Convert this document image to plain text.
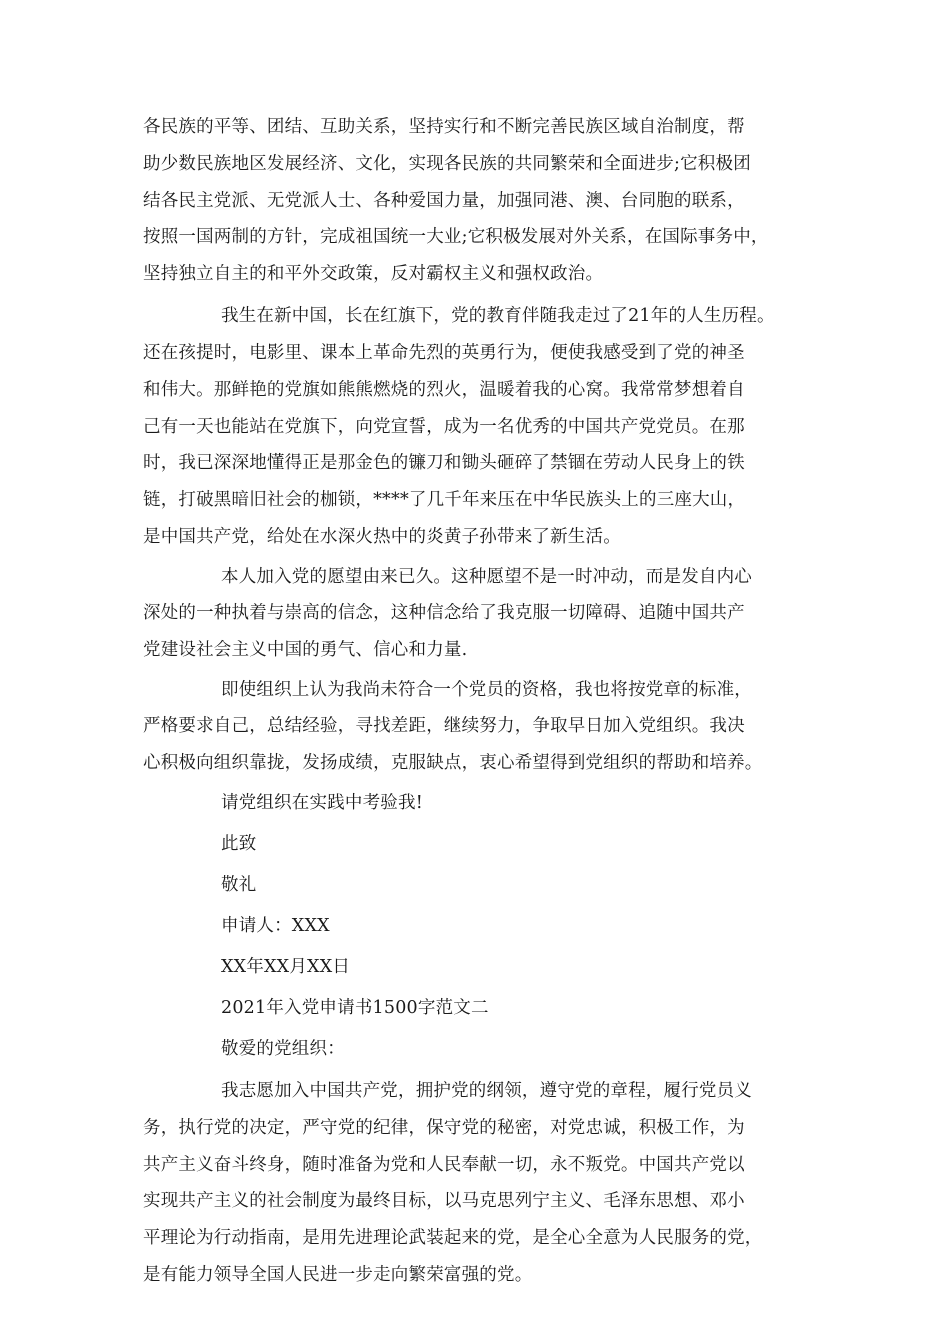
各民族的平等、团结、互助关系，坚持实行和不断完善民族区域自治制度，帮
助少数民族地区发展经济、文化，实现各民族的共同繁荣和全面进步;它积极团
结各民主党派、无党派人士、各种爱国力量，加强同港、澳、台同胞的联系，
按照一国两制的方针，完成祖国统一大业;它积极发展对外关系，在国际事务中，
坚持独立自主的和平外交政策，反对霸权主义和强权政治。
我生在新中国，长在红旗下，党的教育伴随我走过了21年的人生历程。
还在孩提时，电影里、课本上革命先烈的英勇行为，便使我感受到了党的神圣
和伟大。那鲜艳的党旗如熊熊燃烧的烈火，温暖着我的心窝。我常常梦想着自
己有一天也能站在党旗下，向党宣誓，成为一名优秀的中国共产党党员。在那
时，我已深深地懂得正是那金色的镰刀和锄头砸碎了禁锢在劳动人民身上的铁
链，打破黑暗旧社会的枷锁，****了几千年来压在中华民族头上的三座大山，
是中国共产党，给处在水深火热中的炎黄子孙带来了新生活。
本人加入党的愿望由来已久。这种愿望不是一时冲动，而是发自内心
深处的一种执着与崇高的信念，这种信念给了我克服一切障碍、追随中国共产
党建设社会主义中国的勇气、信心和力量.
即使组织上认为我尚未符合一个党员的资格，我也将按党章的标准，
严格要求自己，总结经验，寻找差距，继续努力，争取早日加入党组织。我决
心积极向组织靠拢，发扬成绩，克服缺点，衷心希望得到党组织的帮助和培养。
请党组织在实践中考验我!
此致
敬礼
申请人：XXX
XX年XX月XX日
2021年入党申请书1500字范文二
敬爱的党组织：
我志愿加入中国共产党，拥护党的纲领，遵守党的章程，履行党员义
务，执行党的决定，严守党的纪律，保守党的秘密，对党忠诚，积极工作，为
共产主义奋斗终身，随时准备为党和人民奉献一切，永不叛党。中国共产党以
实现共产主义的社会制度为最终目标，以马克思列宁主义、毛泽东思想、邓小
平理论为行动指南，是用先进理论武装起来的党，是全心全意为人民服务的党，
是有能力领导全国人民进一步走向繁荣富强的党。
